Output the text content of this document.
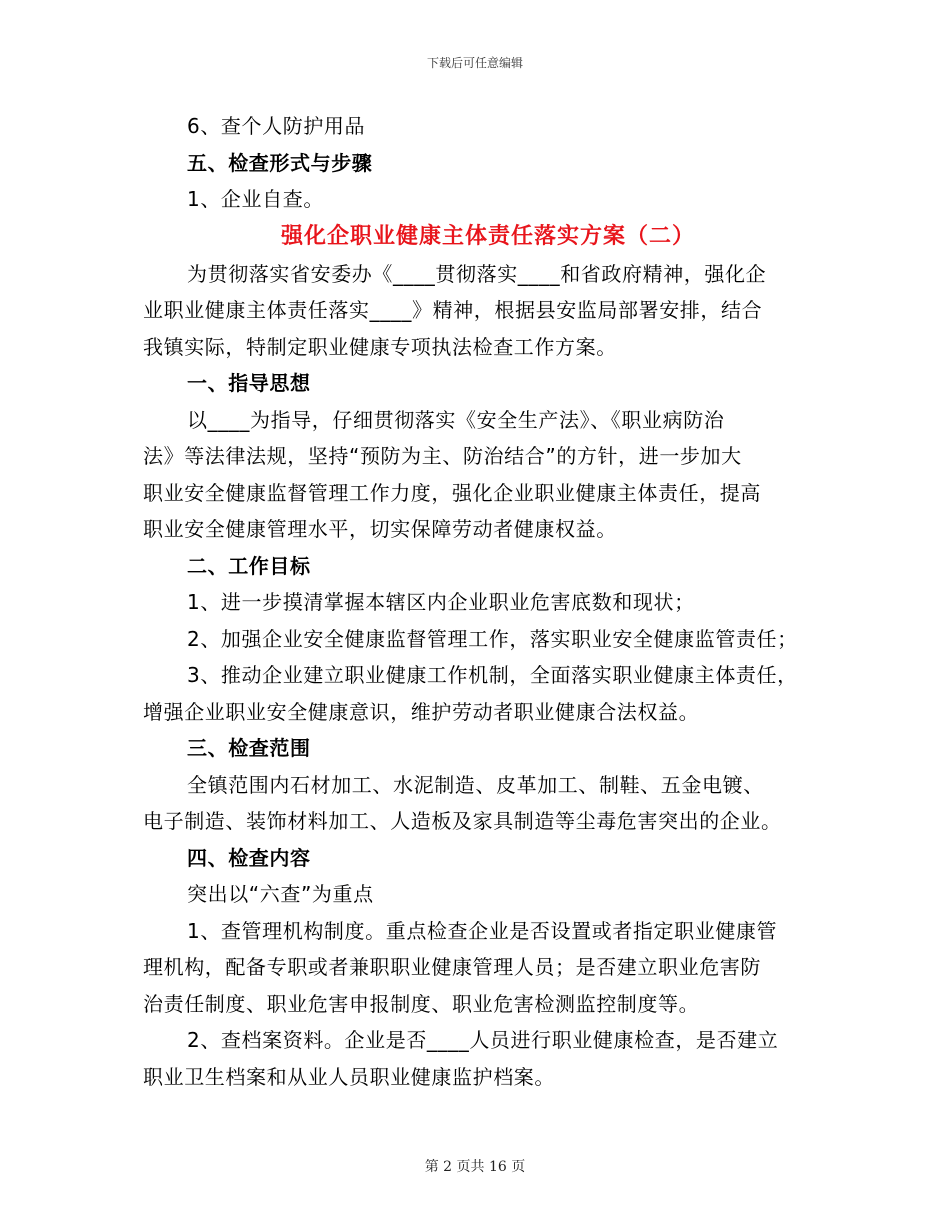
下载后可任意编辑

6、查个人防护用品

五、检查形式与步骤

1、企业自查。

强化企职业健康主体责任落实方案（二）

为贯彻落实省安委办《____贯彻落实____和省政府精神，强化企

业职业健康主体责任落实____》精神，根据县安监局部署安排，结合

我镇实际，特制定职业健康专项执法检查工作方案。

一、指导思想

以____为指导，仔细贯彻落实《安全生产法》、《职业病防治

法》等法律法规，坚持“预防为主、防治结合”的方针，进一步加大

职业安全健康监督管理工作力度，强化企业职业健康主体责任，提高

职业安全健康管理水平，切实保障劳动者健康权益。

二、工作目标

1、进一步摸清掌握本辖区内企业职业危害底数和现状；

2、加强企业安全健康监督管理工作，落实职业安全健康监管责任；

3、推动企业建立职业健康工作机制，全面落实职业健康主体责任，

增强企业职业安全健康意识，维护劳动者职业健康合法权益。

三、检查范围

全镇范围内石材加工、水泥制造、皮革加工、制鞋、五金电镀、

电子制造、装饰材料加工、人造板及家具制造等尘毒危害突出的企业。

四、检查内容

突出以“六查”为重点

1、查管理机构制度。重点检查企业是否设置或者指定职业健康管

理机构，配备专职或者兼职职业健康管理人员；是否建立职业危害防

治责任制度、职业危害申报制度、职业危害检测监控制度等。

2、查档案资料。企业是否____人员进行职业健康检查，是否建立

职业卫生档案和从业人员职业健康监护档案。

第 2 页共 16 页
